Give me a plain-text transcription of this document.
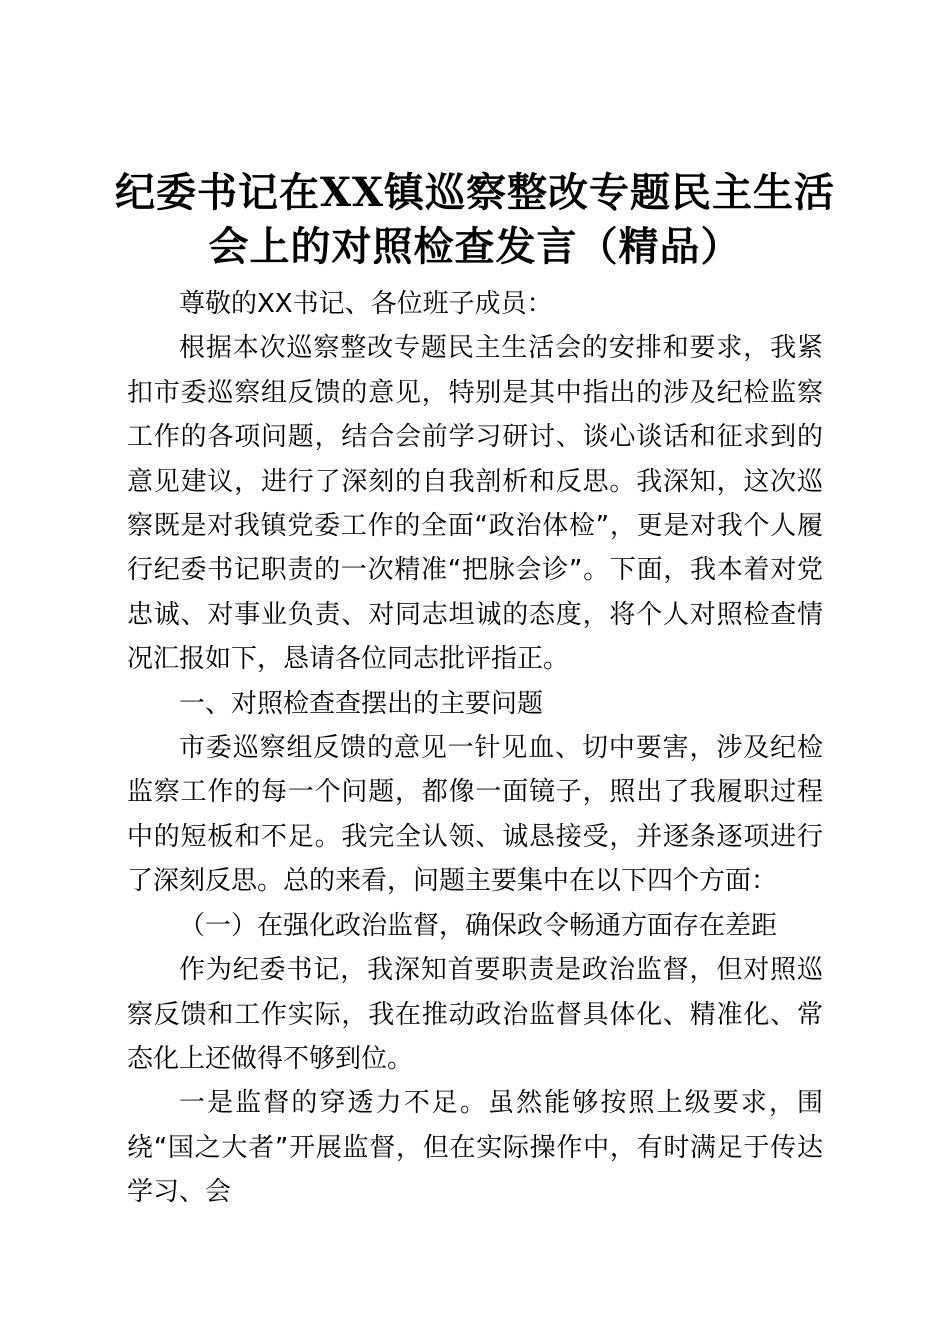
纪委书记在XX镇巡察整改专题民主生活会上的对照检查发言（精品）

尊敬的XX书记、各位班子成员：

根据本次巡察整改专题民主生活会的安排和要求，我紧扣市委巡察组反馈的意见，特别是其中指出的涉及纪检监察工作的各项问题，结合会前学习研讨、谈心谈话和征求到的意见建议，进行了深刻的自我剖析和反思。我深知，这次巡察既是对我镇党委工作的全面“政治体检”，更是对我个人履行纪委书记职责的一次精准“把脉会诊”。下面，我本着对党忠诚、对事业负责、对同志坦诚的态度，将个人对照检查情况汇报如下，恳请各位同志批评指正。

一、对照检查查摆出的主要问题

市委巡察组反馈的意见一针见血、切中要害，涉及纪检监察工作的每一个问题，都像一面镜子，照出了我履职过程中的短板和不足。我完全认领、诚恳接受，并逐条逐项进行了深刻反思。总的来看，问题主要集中在以下四个方面：

（一）在强化政治监督，确保政令畅通方面存在差距

作为纪委书记，我深知首要职责是政治监督，但对照巡察反馈和工作实际，我在推动政治监督具体化、精准化、常态化上还做得不够到位。

一是监督的穿透力不足。虽然能够按照上级要求，围绕“国之大者”开展监督，但在实际操作中，有时满足于传达学习、会
